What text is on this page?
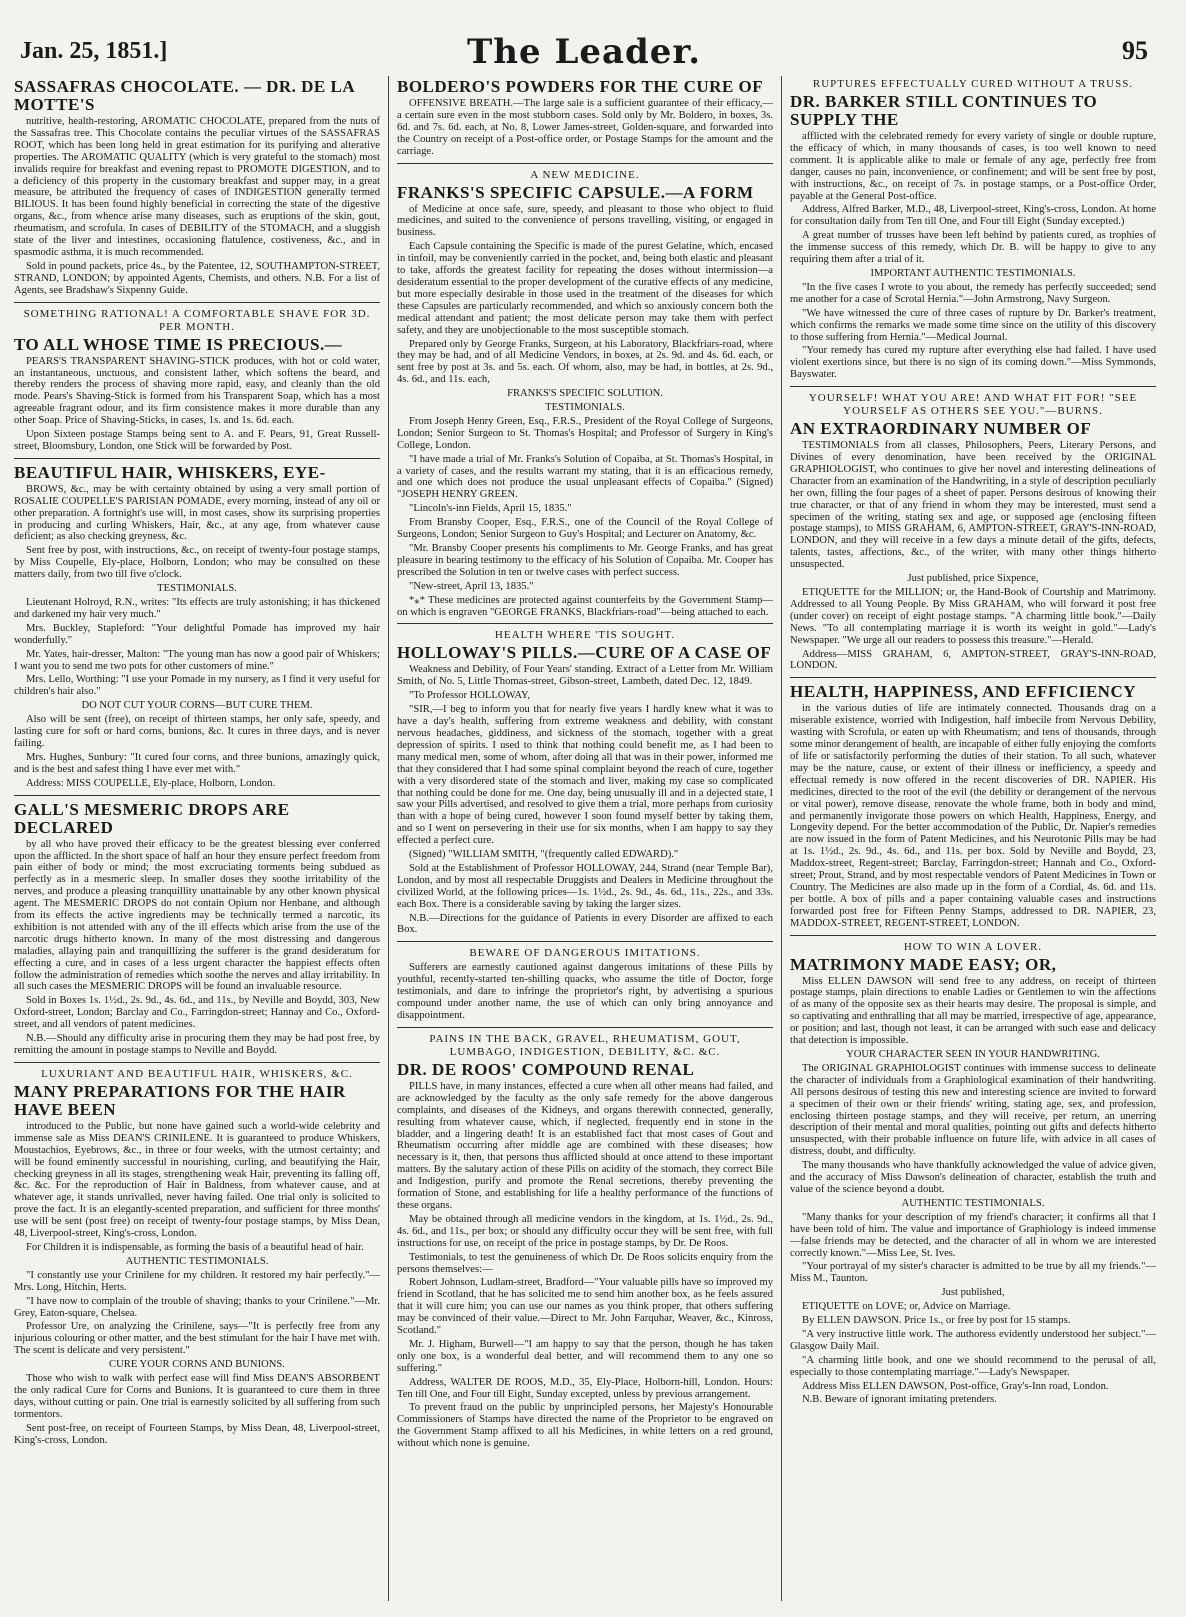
Jan. 25, 1851.]	The Leader.	95
SASSAFRAS CHOCOLATE. — DR. DE LA MOTTE'S

nutritive, health-restoring, AROMATIC CHOCOLATE, prepared from the nuts of the Sassafras tree. This Chocolate contains the peculiar virtues of the SASSAFRAS ROOT, which has been long held in great estimation for its purifying and alterative properties. The AROMATIC QUALITY (which is very grateful to the stomach) most invalids require for breakfast and evening repast to PROMOTE DIGESTION, and to a deficiency of this property in the customary breakfast and supper may, in a great measure, be attributed the frequency of cases of INDIGESTION generally termed BILIOUS. It has been found highly beneficial in correcting the state of the digestive organs, &c., from whence arise many diseases, such as eruptions of the skin, gout, rheumatism, and scrofula. In cases of DEBILITY of the STOMACH, and a sluggish state of the liver and intestines, occasioning flatulence, costiveness, &c., and in spasmodic asthma, it is much recommended.

Sold in pound packets, price 4s., by the Patentee, 12, SOUTHAMPTON-STREET, STRAND, LONDON; by appointed Agents, Chemists, and others. N.B. For a list of Agents, see Bradshaw's Sixpenny Guide.

SOMETHING RATIONAL! A COMFORTABLE SHAVE FOR 3D. PER MONTH.
TO ALL WHOSE TIME IS PRECIOUS.—

PEARS'S TRANSPARENT SHAVING-STICK produces, with hot or cold water, an instantaneous, unctuous, and consistent lather, which softens the beard, and thereby renders the process of shaving more rapid, easy, and cleanly than the old mode. Pears's Shaving-Stick is formed from his Transparent Soap, which has a most agreeable fragrant odour, and its firm consistence makes it more durable than any other Soap. Price of Shaving-Sticks, in cases, 1s. and 1s. 6d. each.

Upon Sixteen postage Stamps being sent to A. and F. Pears, 91, Great Russell-street, Bloomsbury, London, one Stick will be forwarded by Post.

BEAUTIFUL HAIR, WHISKERS, EYE-

BROWS, &c., may be with certainty obtained by using a very small portion of ROSALIE COUPELLE'S PARISIAN POMADE, every morning, instead of any oil or other preparation. A fortnight's use will, in most cases, show its surprising properties in producing and curling Whiskers, Hair, &c., at any age, from whatever cause deficient; as also checking greyness, &c.

Sent free by post, with instructions, &c., on receipt of twenty-four postage stamps, by Miss Coupelle, Ely-place, Holborn, London; who may be consulted on these matters daily, from two till five o'clock.

TESTIMONIALS.

Lieutenant Holroyd, R.N., writes: "Its effects are truly astonishing; it has thickened and darkened my hair very much."

Mrs. Buckley, Stapleford: "Your delightful Pomade has improved my hair wonderfully."

Mr. Yates, hair-dresser, Malton: "The young man has now a good pair of Whiskers; I want you to send me two pots for other customers of mine."

Mrs. Lello, Worthing: "I use your Pomade in my nursery, as I find it very useful for children's hair also."

DO NOT CUT YOUR CORNS—BUT CURE THEM.

Also will be sent (free), on receipt of thirteen stamps, her only safe, speedy, and lasting cure for soft or hard corns, bunions, &c. It cures in three days, and is never failing.

Mrs. Hughes, Sunbury: "It cured four corns, and three bunions, amazingly quick, and is the best and safest thing I have ever met with."

Address: MISS COUPELLE, Ely-place, Holborn, London.

GALL'S MESMERIC DROPS ARE DECLARED

by all who have proved their efficacy to be the greatest blessing ever conferred upon the afflicted. In the short space of half an hour they ensure perfect freedom from pain either of body or mind; the most excruciating torments being subdued as perfectly as in a mesmeric sleep. In smaller doses they soothe irritability of the nerves, and produce a pleasing tranquillity unattainable by any other known physical agent. The MESMERIC DROPS do not contain Opium nor Henbane, and although from its effects the active ingredients may be technically termed a narcotic, its exhibition is not attended with any of the ill effects which arise from the use of the narcotic drugs hitherto known. In many of the most distressing and dangerous maladies, allaying pain and tranquillizing the sufferer is the grand desideratum for effecting a cure, and in cases of a less urgent character the happiest effects often follow the administration of remedies which soothe the nerves and allay irritability. In all such cases the MESMERIC DROPS will be found an invaluable resource.

Sold in Boxes 1s. 1½d., 2s. 9d., 4s. 6d., and 11s., by Neville and Boydd, 303, New Oxford-street, London; Barclay and Co., Farringdon-street; Hannay and Co., Oxford-street, and all vendors of patent medicines.

N.B.—Should any difficulty arise in procuring them they may be had post free, by remitting the amount in postage stamps to Neville and Boydd.

LUXURIANT AND BEAUTIFUL HAIR, WHISKERS, &C.
MANY PREPARATIONS FOR THE HAIR HAVE BEEN

introduced to the Public, but none have gained such a world-wide celebrity and immense sale as Miss DEAN'S CRINILENE. It is guaranteed to produce Whiskers, Moustachios, Eyebrows, &c., in three or four weeks, with the utmost certainty; and will be found eminently successful in nourishing, curling, and beautifying the Hair, checking greyness in all its stages, strengthening weak Hair, preventing its falling off, &c. &c. For the reproduction of Hair in Baldness, from whatever cause, and at whatever age, it stands unrivalled, never having failed. One trial only is solicited to prove the fact. It is an elegantly-scented preparation, and sufficient for three months' use will be sent (post free) on receipt of twenty-four postage stamps, by Miss Dean, 48, Liverpool-street, King's-cross, London.

For Children it is indispensable, as forming the basis of a beautiful head of hair.

AUTHENTIC TESTIMONIALS.

"I constantly use your Crinilene for my children. It restored my hair perfectly."—Mrs. Long, Hitchin, Herts.

"I have now to complain of the trouble of shaving; thanks to your Crinilene."—Mr. Grey, Eaton-square, Chelsea.

Professor Ure, on analyzing the Crinilene, says—"It is perfectly free from any injurious colouring or other matter, and the best stimulant for the hair I have met with. The scent is delicate and very persistent."

CURE YOUR CORNS AND BUNIONS.

Those who wish to walk with perfect ease will find Miss DEAN'S ABSORBENT the only radical Cure for Corns and Bunions. It is guaranteed to cure them in three days, without cutting or pain. One trial is earnestly solicited by all suffering from such tormentors.

Sent post-free, on receipt of Fourteen Stamps, by Miss Dean, 48, Liverpool-street, King's-cross, London.

BOLDERO'S POWDERS FOR THE CURE OF

OFFENSIVE BREATH.—The large sale is a sufficient guarantee of their efficacy,—a certain sure even in the most stubborn cases. Sold only by Mr. Boldero, in boxes, 3s. 6d. and 7s. 6d. each, at No. 8, Lower James-street, Golden-square, and forwarded into the Country on receipt of a Post-office order, or Postage Stamps for the amount and the carriage.

A NEW MEDICINE.
FRANKS'S SPECIFIC CAPSULE.—A FORM

of Medicine at once safe, sure, speedy, and pleasant to those who object to fluid medicines, and suited to the convenience of persons travelling, visiting, or engaged in business.

Each Capsule containing the Specific is made of the purest Gelatine, which, encased in tinfoil, may be conveniently carried in the pocket, and, being both elastic and pleasant to take, affords the greatest facility for repeating the doses without intermission—a desideratum essential to the proper development of the curative effects of any medicine, but more especially desirable in those used in the treatment of the diseases for which these Capsules are particularly recommended, and which so anxiously concern both the medical attendant and patient; the most delicate person may take them with perfect safety, and they are unobjectionable to the most susceptible stomach.

Prepared only by George Franks, Surgeon, at his Laboratory, Blackfriars-road, where they may be had, and of all Medicine Vendors, in boxes, at 2s. 9d. and 4s. 6d. each, or sent free by post at 3s. and 5s. each. Of whom, also, may be had, in bottles, at 2s. 9d., 4s. 6d., and 11s. each,

FRANKS'S SPECIFIC SOLUTION.

TESTIMONIALS.

From Joseph Henry Green, Esq., F.R.S., President of the Royal College of Surgeons, London; Senior Surgeon to St. Thomas's Hospital; and Professor of Surgery in King's College, London.

"I have made a trial of Mr. Franks's Solution of Copaiba, at St. Thomas's Hospital, in a variety of cases, and the results warrant my stating, that it is an efficacious remedy, and one which does not produce the usual unpleasant effects of Copaiba." (Signed) "JOSEPH HENRY GREEN.

"Lincoln's-inn Fields, April 15, 1835."

From Bransby Cooper, Esq., F.R.S., one of the Council of the Royal College of Surgeons, London; Senior Surgeon to Guy's Hospital; and Lecturer on Anatomy, &c.

"Mr. Bransby Cooper presents his compliments to Mr. George Franks, and has great pleasure in bearing testimony to the efficacy of his Solution of Copaiba. Mr. Cooper has prescribed the Solution in ten or twelve cases with perfect success.

"New-street, April 13, 1835."

*⁎* These medicines are protected against counterfeits by the Government Stamp—on which is engraven "GEORGE FRANKS, Blackfriars-road"—being attached to each.

HEALTH WHERE 'TIS SOUGHT.
HOLLOWAY'S PILLS.—CURE OF A CASE OF

Weakness and Debility, of Four Years' standing. Extract of a Letter from Mr. William Smith, of No. 5, Little Thomas-street, Gibson-street, Lambeth, dated Dec. 12, 1849.

"To Professor HOLLOWAY,

"SIR,—I beg to inform you that for nearly five years I hardly knew what it was to have a day's health, suffering from extreme weakness and debility, with constant nervous headaches, giddiness, and sickness of the stomach, together with a great depression of spirits. I used to think that nothing could benefit me, as I had been to many medical men, some of whom, after doing all that was in their power, informed me that they considered that I had some spinal complaint beyond the reach of cure, together with a very disordered state of the stomach and liver, making my case so complicated that nothing could be done for me. One day, being unusually ill and in a dejected state, I saw your Pills advertised, and resolved to give them a trial, more perhaps from curiosity than with a hope of being cured, however I soon found myself better by taking them, and so I went on persevering in their use for six months, when I am happy to say they effected a perfect cure.

(Signed) "WILLIAM SMITH, "(frequently called EDWARD)."

Sold at the Establishment of Professor HOLLOWAY, 244, Strand (near Temple Bar), London, and by most all respectable Druggists and Dealers in Medicine throughout the civilized World, at the following prices—1s. 1½d., 2s. 9d., 4s. 6d., 11s., 22s., and 33s. each Box. There is a considerable saving by taking the larger sizes.

N.B.—Directions for the guidance of Patients in every Disorder are affixed to each Box.

BEWARE OF DANGEROUS IMITATIONS.

Sufferers are earnestly cautioned against dangerous imitations of these Pills by youthful, recently-started ten-shilling quacks, who assume the title of Doctor, forge testimonials, and dare to infringe the proprietor's right, by advertising a spurious compound under another name, the use of which can only bring annoyance and disappointment.

PAINS IN THE BACK, GRAVEL, RHEUMATISM, GOUT, LUMBAGO, INDIGESTION, DEBILITY, &C. &C.
DR. DE ROOS' COMPOUND RENAL

PILLS have, in many instances, effected a cure when all other means had failed, and are acknowledged by the faculty as the only safe remedy for the above dangerous complaints, and diseases of the Kidneys, and organs therewith connected, generally, resulting from whatever cause, which, if neglected, frequently end in stone in the bladder, and a lingering death! It is an established fact that most cases of Gout and Rheumatism occurring after middle age are combined with these diseases; how necessary is it, then, that persons thus afflicted should at once attend to these important matters. By the salutary action of these Pills on acidity of the stomach, they correct Bile and Indigestion, purify and promote the Renal secretions, thereby preventing the formation of Stone, and establishing for life a healthy performance of the functions of these organs.

May be obtained through all medicine vendors in the kingdom, at 1s. 1½d., 2s. 9d., 4s. 6d., and 11s., per box; or should any difficulty occur they will be sent free, with full instructions for use, on receipt of the price in postage stamps, by Dr. De Roos.

Testimonials, to test the genuineness of which Dr. De Roos solicits enquiry from the persons themselves:—

Robert Johnson, Ludlam-street, Bradford—"Your valuable pills have so improved my friend in Scotland, that he has solicited me to send him another box, as he feels assured that it will cure him; you can use our names as you think proper, that others suffering may be convinced of their value.—Direct to Mr. John Farquhar, Weaver, &c., Kinross, Scotland."

Mr. J. Higham, Burwell—"I am happy to say that the person, though he has taken only one box, is a wonderful deal better, and will recommend them to any one so suffering."

Address, WALTER DE ROOS, M.D., 35, Ely-Place, Holborn-hill, London. Hours: Ten till One, and Four till Eight, Sunday excepted, unless by previous arrangement.

To prevent fraud on the public by unprincipled persons, her Majesty's Honourable Commissioners of Stamps have directed the name of the Proprietor to be engraved on the Government Stamp affixed to all his Medicines, in white letters on a red ground, without which none is genuine.

RUPTURES EFFECTUALLY CURED WITHOUT A TRUSS.
DR. BARKER STILL CONTINUES TO SUPPLY THE

afflicted with the celebrated remedy for every variety of single or double rupture, the efficacy of which, in many thousands of cases, is too well known to need comment. It is applicable alike to male or female of any age, perfectly free from danger, causes no pain, inconvenience, or confinement; and will be sent free by post, with instructions, &c., on receipt of 7s. in postage stamps, or a Post-office Order, payable at the General Post-office.

Address, Alfred Barker, M.D., 48, Liverpool-street, King's-cross, London. At home for consultation daily from Ten till One, and Four till Eight (Sunday excepted.)

A great number of trusses have been left behind by patients cured, as trophies of the immense success of this remedy, which Dr. B. will be happy to give to any requiring them after a trial of it.

IMPORTANT AUTHENTIC TESTIMONIALS.

"In the five cases I wrote to you about, the remedy has perfectly succeeded; send me another for a case of Scrotal Hernia."—John Armstrong, Navy Surgeon.

"We have witnessed the cure of three cases of rupture by Dr. Barker's treatment, which confirms the remarks we made some time since on the utility of this discovery to those suffering from Hernia."—Medical Journal.

"Your remedy has cured my rupture after everything else had failed. I have used violent exertions since, but there is no sign of its coming down."—Miss Symmonds, Bayswater.

YOURSELF! WHAT YOU ARE! AND WHAT FIT FOR! "SEE YOURSELF AS OTHERS SEE YOU."—BURNS.
AN EXTRAORDINARY NUMBER OF

TESTIMONIALS from all classes, Philosophers, Peers, Literary Persons, and Divines of every denomination, have been received by the ORIGINAL GRAPHIOLOGIST, who continues to give her novel and interesting delineations of Character from an examination of the Handwriting, in a style of description peculiarly her own, filling the four pages of a sheet of paper. Persons desirous of knowing their true character, or that of any friend in whom they may be interested, must send a specimen of the writing, stating sex and age, or supposed age (enclosing fifteen postage stamps), to MISS GRAHAM, 6, AMPTON-STREET, GRAY'S-INN-ROAD, LONDON, and they will receive in a few days a minute detail of the gifts, defects, talents, tastes, affections, &c., of the writer, with many other things hitherto unsuspected.

Just published, price Sixpence,

ETIQUETTE for the MILLION; or, the Hand-Book of Courtship and Matrimony. Addressed to all Young People. By Miss GRAHAM, who will forward it post free (under cover) on receipt of eight postage stamps. "A charming little book."—Daily News. "To all contemplating marriage it is worth its weight in gold."—Lady's Newspaper. "We urge all our readers to possess this treasure."—Herald.

Address—MISS GRAHAM, 6, AMPTON-STREET, GRAY'S-INN-ROAD, LONDON.

HEALTH, HAPPINESS, AND EFFICIENCY

in the various duties of life are intimately connected. Thousands drag on a miserable existence, worried with Indigestion, half imbecile from Nervous Debility, wasting with Scrofula, or eaten up with Rheumatism; and tens of thousands, through some minor derangement of health, are incapable of either fully enjoying the comforts of life or satisfactorily performing the duties of their station. To all such, whatever may be the nature, cause, or extent of their illness or inefficiency, a speedy and effectual remedy is now offered in the recent discoveries of DR. NAPIER. His medicines, directed to the root of the evil (the debility or derangement of the nervous or vital power), remove disease, renovate the whole frame, both in body and mind, and permanently invigorate those powers on which Health, Happiness, Energy, and Longevity depend. For the better accommodation of the Public, Dr. Napier's remedies are now issued in the form of Patent Medicines, and his Neurotonic Pills may be had at 1s. 1½d., 2s. 9d., 4s. 6d., and 11s. per box. Sold by Neville and Boydd, 23, Maddox-street, Regent-street; Barclay, Farringdon-street; Hannah and Co., Oxford-street; Prout, Strand, and by most respectable vendors of Patent Medicines in Town or Country. The Medicines are also made up in the form of a Cordial, 4s. 6d. and 11s. per bottle. A box of pills and a paper containing valuable cases and instructions forwarded post free for Fifteen Penny Stamps, addressed to DR. NAPIER, 23, MADDOX-STREET, REGENT-STREET, LONDON.

HOW TO WIN A LOVER.
MATRIMONY MADE EASY; OR,

Miss ELLEN DAWSON will send free to any address, on receipt of thirteen postage stamps, plain directions to enable Ladies or Gentlemen to win the affections of as many of the opposite sex as their hearts may desire. The proposal is simple, and so captivating and enthralling that all may be married, irrespective of age, appearance, or position; and last, though not least, it can be arranged with such ease and delicacy that detection is impossible.

YOUR CHARACTER SEEN IN YOUR HANDWRITING.

The ORIGINAL GRAPHIOLOGIST continues with immense success to delineate the character of individuals from a Graphiological examination of their handwriting. All persons desirous of testing this new and interesting science are invited to forward a specimen of their own or their friends' writing, stating age, sex, and profession, enclosing thirteen postage stamps, and they will receive, per return, an unerring description of their mental and moral qualities, pointing out gifts and defects hitherto unsuspected, with their probable influence on future life, with advice in all cases of distress, doubt, and difficulty.

The many thousands who have thankfully acknowledged the value of advice given, and the accuracy of Miss Dawson's delineation of character, establish the truth and value of the science beyond a doubt.

AUTHENTIC TESTIMONIALS.

"Many thanks for your description of my friend's character; it confirms all that I have been told of him. The value and importance of Graphiology is indeed immense—false friends may be detected, and the character of all in whom we are interested correctly known."—Miss Lee, St. Ives.

"Your portrayal of my sister's character is admitted to be true by all my friends."—Miss M., Taunton.

Just published,

ETIQUETTE on LOVE; or, Advice on Marriage.

By ELLEN DAWSON. Price 1s., or free by post for 15 stamps.

"A very instructive little work. The authoress evidently understood her subject."—Glasgow Daily Mail.

"A charming little book, and one we should recommend to the perusal of all, especially to those contemplating marriage."—Lady's Newspaper.

Address Miss ELLEN DAWSON, Post-office, Gray's-Inn road, London.

N.B. Beware of ignorant imitating pretenders.
